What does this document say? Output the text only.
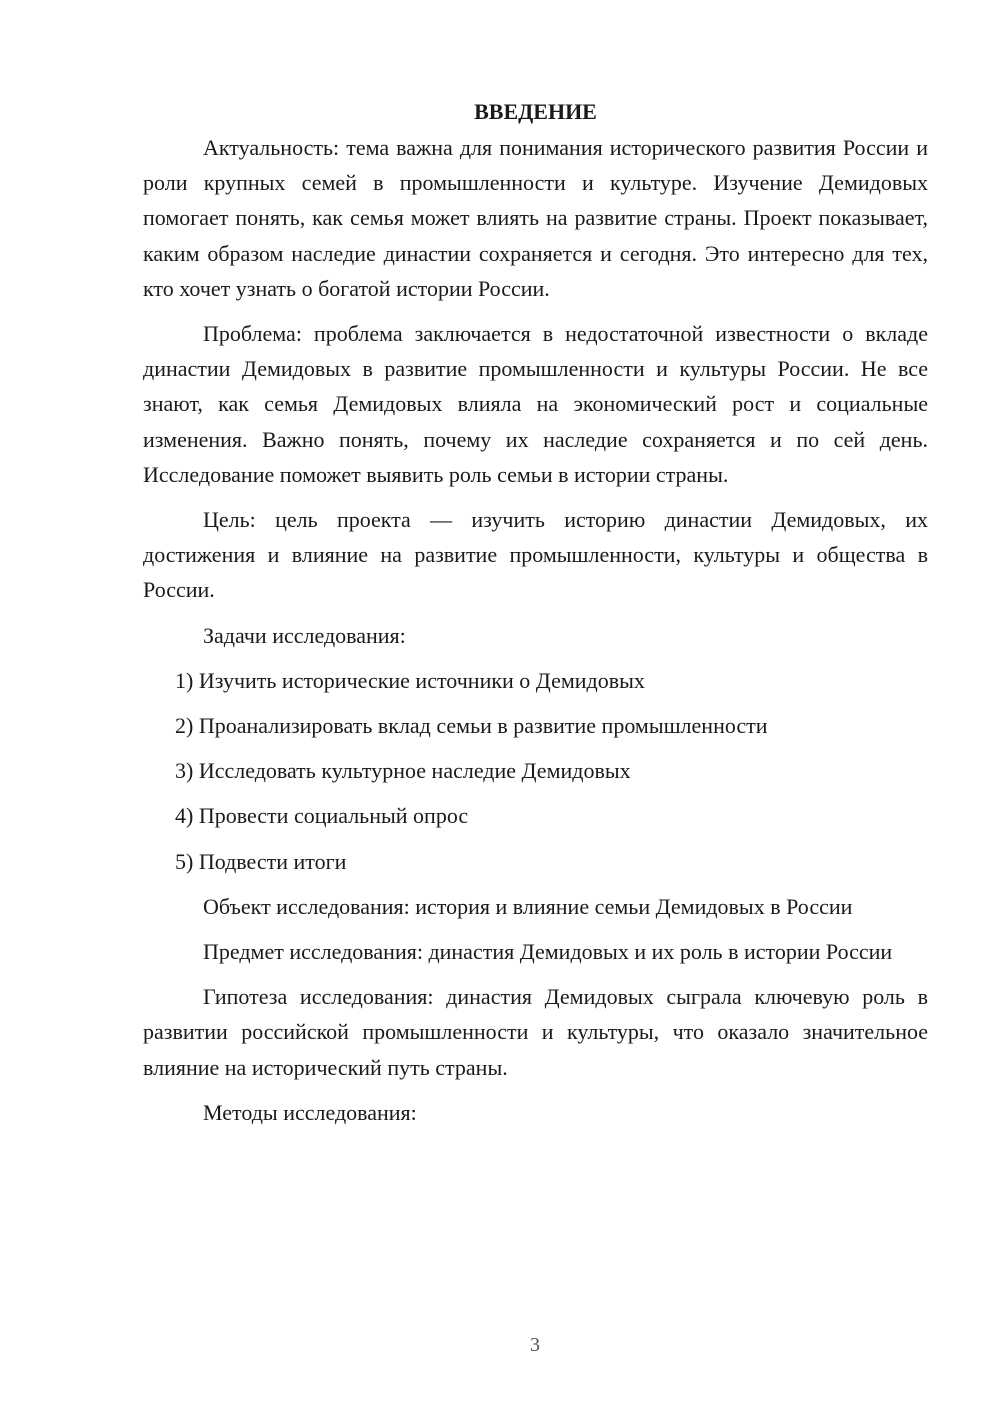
ВВЕДЕНИЕ

Актуальность: тема важна для понимания исторического развития России и роли крупных семей в промышленности и культуре. Изучение Демидовых помогает понять, как семья может влиять на развитие страны. Проект показывает, каким образом наследие династии сохраняется и сегодня. Это интересно для тех, кто хочет узнать о богатой истории России.

Проблема: проблема заключается в недостаточной известности о вкладе династии Демидовых в развитие промышленности и культуры России. Не все знают, как семья Демидовых влияла на экономический рост и социальные изменения. Важно понять, почему их наследие сохраняется и по сей день. Исследование поможет выявить роль семьи в истории страны.

Цель: цель проекта — изучить историю династии Демидовых, их достижения и влияние на развитие промышленности, культуры и общества в России.

Задачи исследования:

1) Изучить исторические источники о Демидовых
2) Проанализировать вклад семьи в развитие промышленности
3) Исследовать культурное наследие Демидовых
4) Провести социальный опрос
5) Подвести итоги

Объект исследования: история и влияние семьи Демидовых в России

Предмет исследования: династия Демидовых и их роль в истории России

Гипотеза исследования: династия Демидовых сыграла ключевую роль в развитии российской промышленности и культуры, что оказало значительное влияние на исторический путь страны.

Методы исследования:

3
